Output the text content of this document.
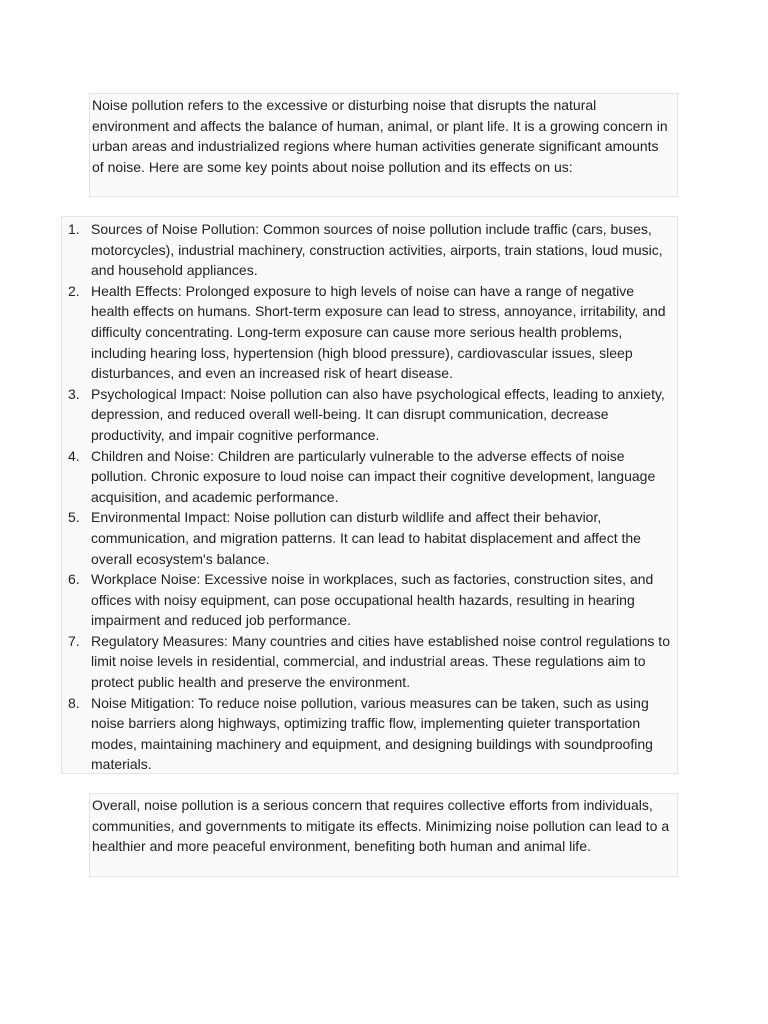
Noise pollution refers to the excessive or disturbing noise that disrupts the natural environment and affects the balance of human, animal, or plant life. It is a growing concern in urban areas and industrialized regions where human activities generate significant amounts of noise. Here are some key points about noise pollution and its effects on us:

1. Sources of Noise Pollution: Common sources of noise pollution include traffic (cars, buses, motorcycles), industrial machinery, construction activities, airports, train stations, loud music, and household appliances.
2. Health Effects: Prolonged exposure to high levels of noise can have a range of negative health effects on humans. Short-term exposure can lead to stress, annoyance, irritability, and difficulty concentrating. Long-term exposure can cause more serious health problems, including hearing loss, hypertension (high blood pressure), cardiovascular issues, sleep disturbances, and even an increased risk of heart disease.
3. Psychological Impact: Noise pollution can also have psychological effects, leading to anxiety, depression, and reduced overall well-being. It can disrupt communication, decrease productivity, and impair cognitive performance.
4. Children and Noise: Children are particularly vulnerable to the adverse effects of noise pollution. Chronic exposure to loud noise can impact their cognitive development, language acquisition, and academic performance.
5. Environmental Impact: Noise pollution can disturb wildlife and affect their behavior, communication, and migration patterns. It can lead to habitat displacement and affect the overall ecosystem's balance.
6. Workplace Noise: Excessive noise in workplaces, such as factories, construction sites, and offices with noisy equipment, can pose occupational health hazards, resulting in hearing impairment and reduced job performance.
7. Regulatory Measures: Many countries and cities have established noise control regulations to limit noise levels in residential, commercial, and industrial areas. These regulations aim to protect public health and preserve the environment.
8. Noise Mitigation: To reduce noise pollution, various measures can be taken, such as using noise barriers along highways, optimizing traffic flow, implementing quieter transportation modes, maintaining machinery and equipment, and designing buildings with soundproofing materials.

Overall, noise pollution is a serious concern that requires collective efforts from individuals, communities, and governments to mitigate its effects. Minimizing noise pollution can lead to a healthier and more peaceful environment, benefiting both human and animal life.
